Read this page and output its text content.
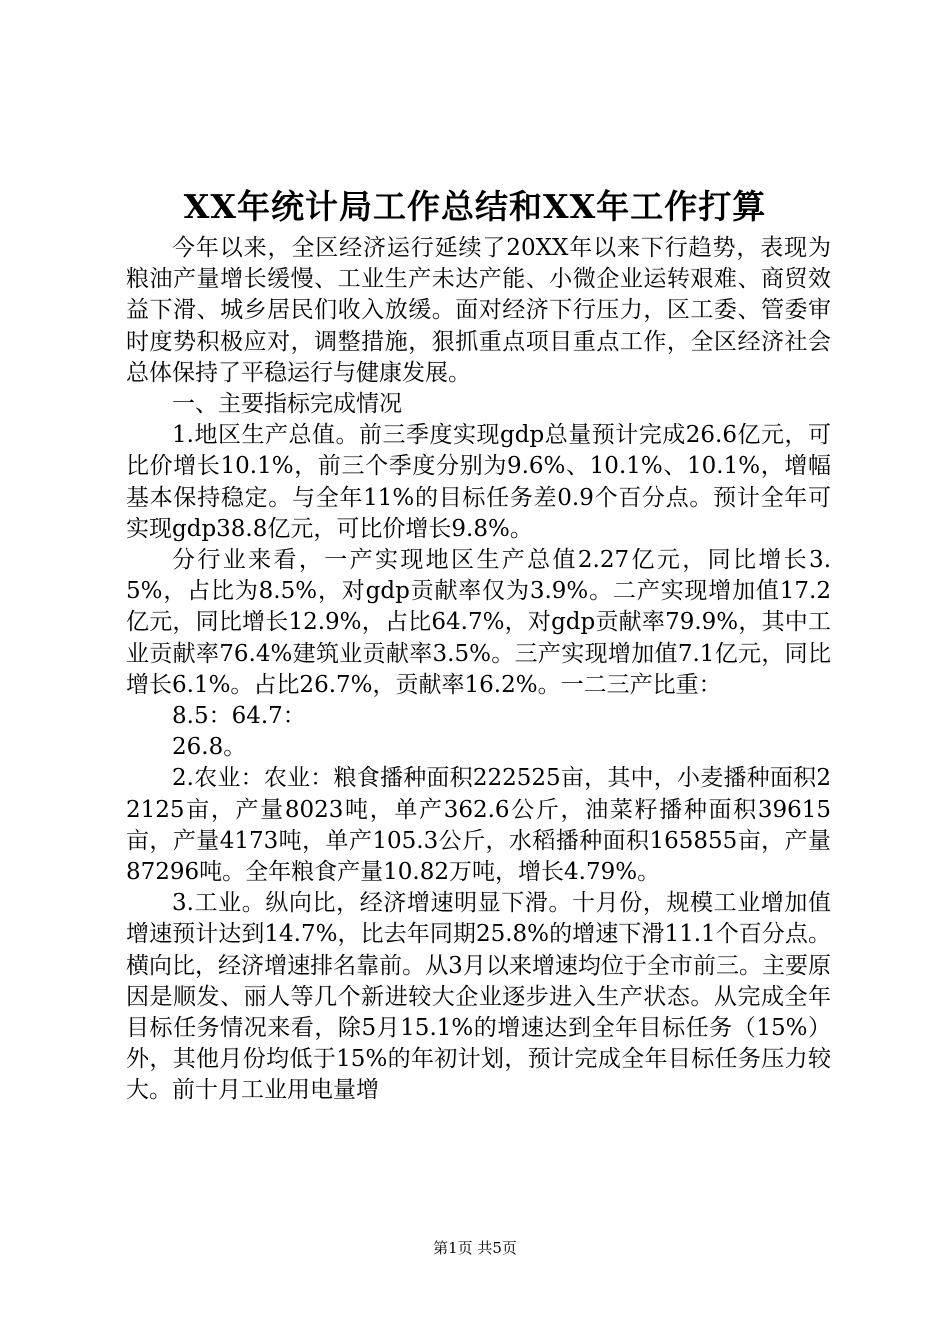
XX年统计局工作总结和XX年工作打算

今年以来，全区经济运行延续了20XX年以来下行趋势，表现为粮油产量增长缓慢、工业生产未达产能、小微企业运转艰难、商贸效益下滑、城乡居民们收入放缓。面对经济下行压力，区工委、管委审时度势积极应对，调整措施，狠抓重点项目重点工作，全区经济社会总体保持了平稳运行与健康发展。

一、主要指标完成情况

1.地区生产总值。前三季度实现gdp总量预计完成26.6亿元，可比价增长10.1%，前三个季度分别为9.6%、10.1%、10.1%，增幅基本保持稳定。与全年11%的目标任务差0.9个百分点。预计全年可实现gdp38.8亿元，可比价增长9.8%。

分行业来看，一产实现地区生产总值2.27亿元，同比增长3.5%，占比为8.5%，对gdp贡献率仅为3.9%。二产实现增加值17.2亿元，同比增长12.9%，占比64.7%，对gdp贡献率79.9%，其中工业贡献率76.4%建筑业贡献率3.5%。三产实现增加值7.1亿元，同比增长6.1%。占比26.7%，贡献率16.2%。一二三产比重：

8.5：64.7：

26.8。

2.农业：农业：粮食播种面积222525亩，其中，小麦播种面积22125亩，产量8023吨，单产362.6公斤，油菜籽播种面积39615亩，产量4173吨，单产105.3公斤，水稻播种面积165855亩，产量87296吨。全年粮食产量10.82万吨，增长4.79%。

3.工业。纵向比，经济增速明显下滑。十月份，规模工业增加值增速预计达到14.7%，比去年同期25.8%的增速下滑11.1个百分点。横向比，经济增速排名靠前。从3月以来增速均位于全市前三。主要原因是顺发、丽人等几个新进较大企业逐步进入生产状态。从完成全年目标任务情况来看，除5月15.1%的增速达到全年目标任务（15%）外，其他月份均低于15%的年初计划，预计完成全年目标任务压力较大。前十月工业用电量增

第1页 共5页
